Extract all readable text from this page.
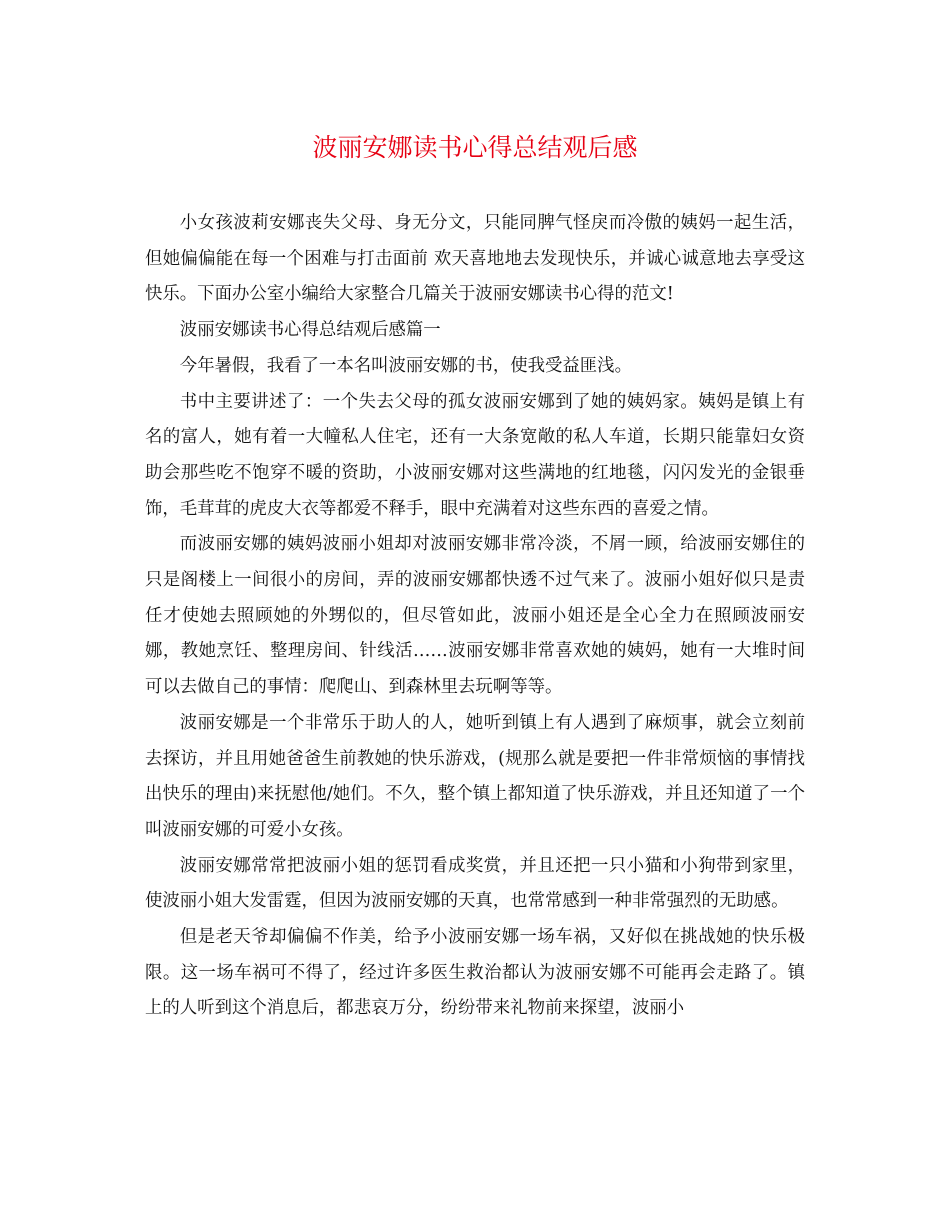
波丽安娜读书心得总结观后感

小女孩波莉安娜丧失父母、身无分文，只能同脾气怪戾而冷傲的姨妈一起生活，但她偏偏能在每一个困难与打击面前 欢天喜地地去发现快乐，并诚心诚意地去享受这快乐。下面办公室小编给大家整合几篇关于波丽安娜读书心得的范文!

波丽安娜读书心得总结观后感篇一

今年暑假，我看了一本名叫波丽安娜的书，使我受益匪浅。

书中主要讲述了：一个失去父母的孤女波丽安娜到了她的姨妈家。姨妈是镇上有名的富人，她有着一大幢私人住宅，还有一大条宽敞的私人车道，长期只能靠妇女资助会那些吃不饱穿不暖的资助，小波丽安娜对这些满地的红地毯，闪闪发光的金银垂饰，毛茸茸的虎皮大衣等都爱不释手，眼中充满着对这些东西的喜爱之情。

而波丽安娜的姨妈波丽小姐却对波丽安娜非常冷淡，不屑一顾，给波丽安娜住的只是阁楼上一间很小的房间，弄的波丽安娜都快透不过气来了。波丽小姐好似只是责任才使她去照顾她的外甥似的，但尽管如此，波丽小姐还是全心全力在照顾波丽安娜，教她烹饪、整理房间、针线活……波丽安娜非常喜欢她的姨妈，她有一大堆时间可以去做自己的事情：爬爬山、到森林里去玩啊等等。

波丽安娜是一个非常乐于助人的人，她听到镇上有人遇到了麻烦事，就会立刻前去探访，并且用她爸爸生前教她的快乐游戏，(规那么就是要把一件非常烦恼的事情找出快乐的理由)来抚慰他/她们。不久，整个镇上都知道了快乐游戏，并且还知道了一个叫波丽安娜的可爱小女孩。

波丽安娜常常把波丽小姐的惩罚看成奖赏，并且还把一只小猫和小狗带到家里，使波丽小姐大发雷霆，但因为波丽安娜的天真，也常常感到一种非常强烈的无助感。

但是老天爷却偏偏不作美，给予小波丽安娜一场车祸，又好似在挑战她的快乐极限。这一场车祸可不得了，经过许多医生救治都认为波丽安娜不可能再会走路了。镇上的人听到这个消息后，都悲哀万分，纷纷带来礼物前来探望，波丽小
